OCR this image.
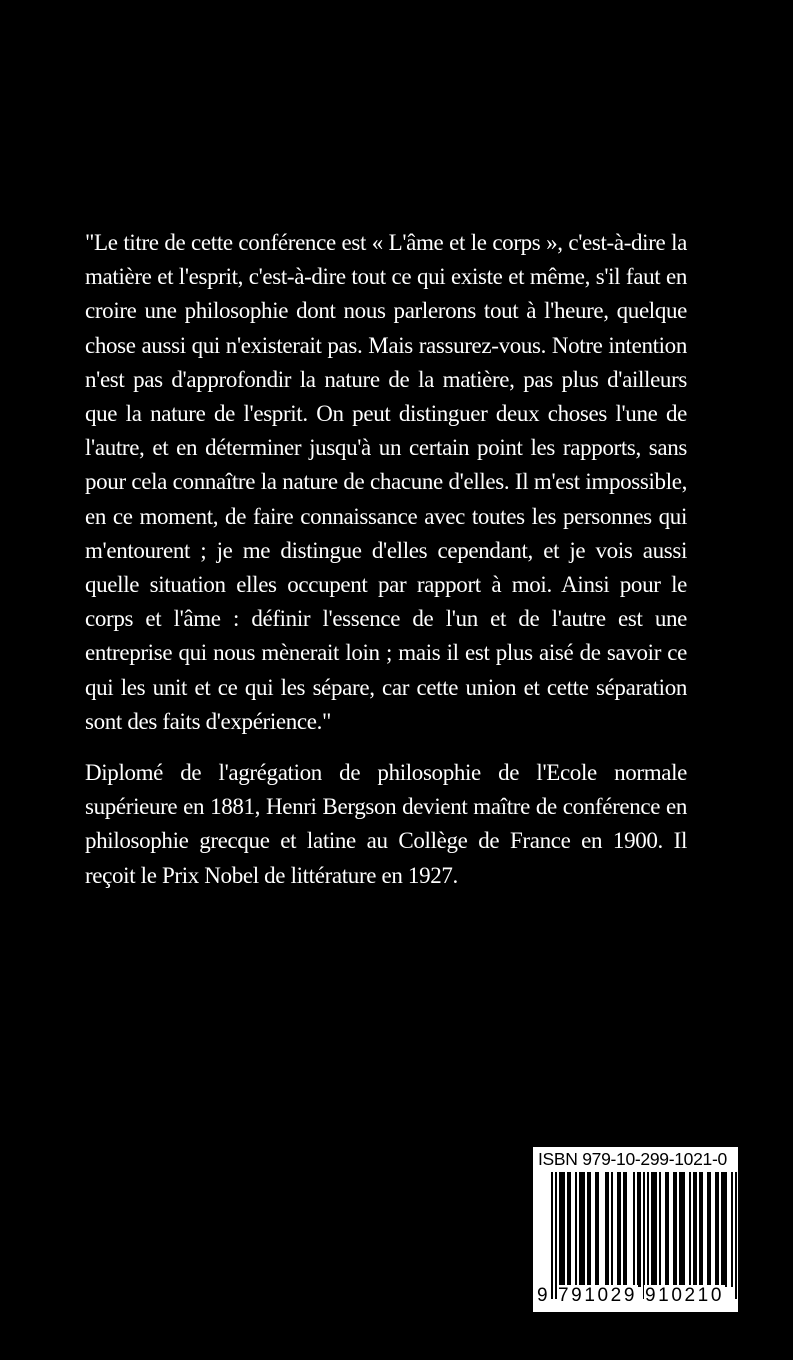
"Le titre de cette conférence est « L'âme et le corps », c'est-à-dire la matière et l'esprit, c'est-à-dire tout ce qui existe et même, s'il faut en croire une philosophie dont nous parlerons tout à l'heure, quelque chose aussi qui n'existerait pas. Mais rassurez-vous. Notre intention n'est pas d'approfondir la nature de la matière, pas plus d'ailleurs que la nature de l'esprit. On peut distinguer deux choses l'une de l'autre, et en déterminer jusqu'à un certain point les rapports, sans pour cela connaître la nature de chacune d'elles. Il m'est impossible, en ce moment, de faire connaissance avec toutes les personnes qui m'entourent ; je me distingue d'elles cependant, et je vois aussi quelle situation elles occupent par rapport à moi. Ainsi pour le corps et l'âme : définir l'essence de l'un et de l'autre est une entreprise qui nous mènerait loin ; mais il est plus aisé de savoir ce qui les unit et ce qui les sépare, car cette union et cette séparation sont des faits d'expérience."

Diplomé de l'agrégation de philosophie de l'Ecole normale supérieure en 1881, Henri Bergson devient maître de conférence en philosophie grecque et latine au Collège de France en 1900. Il reçoit le Prix Nobel de littérature en 1927.

ISBN 979-10-299-1021-0
9 791029 910210
